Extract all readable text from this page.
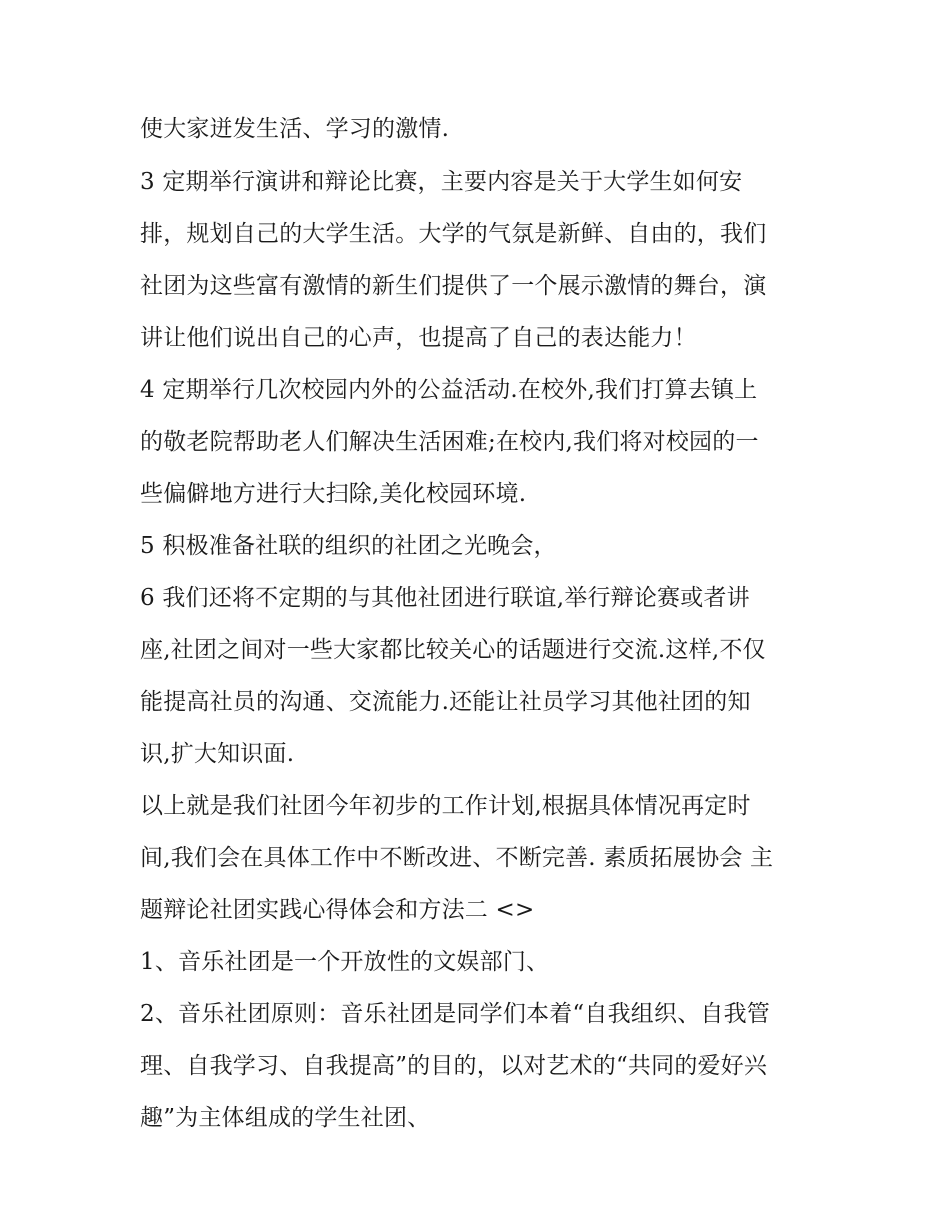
使大家迸发生活、学习的激情.
3 定期举行演讲和辩论比赛，主要内容是关于大学生如何安
排，规划自己的大学生活。大学的气氛是新鲜、自由的，我们
社团为这些富有激情的新生们提供了一个展示激情的舞台，演
讲让他们说出自己的心声，也提高了自己的表达能力！
4 定期举行几次校园内外的公益活动.在校外,我们打算去镇上
的敬老院帮助老人们解决生活困难;在校内,我们将对校园的一
些偏僻地方进行大扫除,美化校园环境.
5 积极准备社联的组织的社团之光晚会，
6 我们还将不定期的与其他社团进行联谊,举行辩论赛或者讲
座,社团之间对一些大家都比较关心的话题进行交流.这样,不仅
能提高社员的沟通、交流能力.还能让社员学习其他社团的知
识,扩大知识面.
以上就是我们社团今年初步的工作计划,根据具体情况再定时
间,我们会在具体工作中不断改进、不断完善. 素质拓展协会 主
题辩论社团实践心得体会和方法二 <>
1、音乐社团是一个开放性的文娱部门、
2、音乐社团原则：音乐社团是同学们本着“自我组织、自我管
理、自我学习、自我提高”的目的，以对艺术的“共同的爱好兴
趣”为主体组成的学生社团、
